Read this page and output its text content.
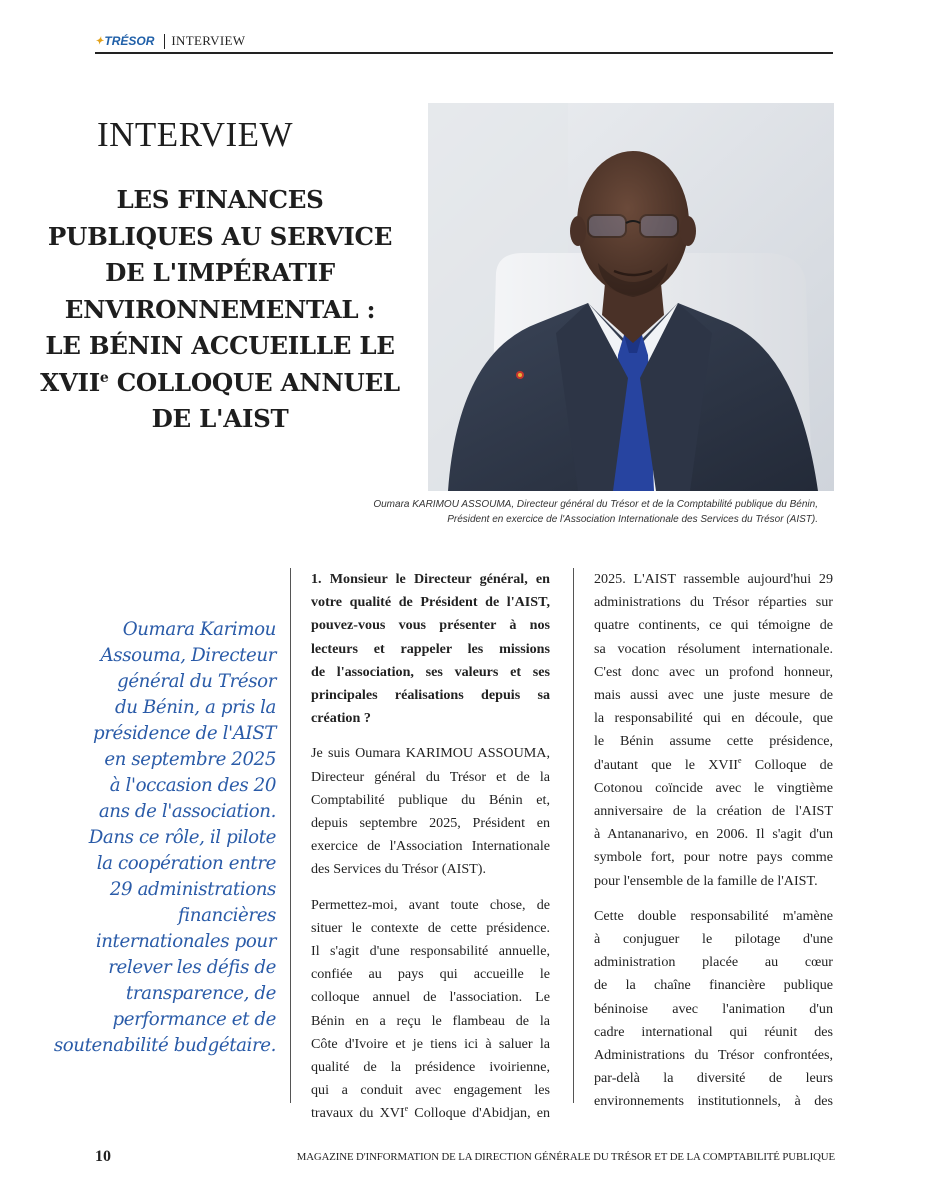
✦ TRÉSOR INTERVIEW
INTERVIEW
LES FINANCES
PUBLIQUES AU SERVICE
DE L'IMPÉRATIF
ENVIRONNEMENTAL :
LE BÉNIN ACCUEILLE LE
XVIIe COLLOQUE ANNUEL
DE L'AIST
Oumara KARIMOU ASSOUMA, Directeur général du Trésor et de la Comptabilité publique du Bénin,
Président en exercice de l'Association Internationale des Services du Trésor (AIST).
Oumara Karimou
Assouma, Directeur
général du Trésor
du Bénin, a pris la
présidence de l'AIST
en septembre 2025
à l'occasion des 20
ans de l'association.
Dans ce rôle, il pilote
la coopération entre
29 administrations
financières
internationales pour
relever les défis de
transparence, de
performance et de
soutenabilité budgétaire.

1. Monsieur le Directeur général, en
votre qualité de Président de l'AIST,
pouvez-vous vous présenter à nos
lecteurs et rappeler les missions
de l'association, ses valeurs et ses
principales réalisations depuis sa
création ?

Je suis Oumara KARIMOU ASSOUMA,
Directeur général du Trésor et de la
Comptabilité publique du Bénin et,
depuis septembre 2025, Président en
exercice de l'Association Internationale
des Services du Trésor (AIST).

Permettez-moi, avant toute chose, de
situer le contexte de cette présidence.
Il s'agit d'une responsabilité annuelle,
confiée au pays qui accueille le
colloque annuel de l'association. Le
Bénin en a reçu le flambeau de la
Côte d'Ivoire et je tiens ici à saluer la
qualité de la présidence ivoirienne,
qui a conduit avec engagement les
travaux du XVIe Colloque d'Abidjan, en

2025. L'AIST rassemble aujourd'hui 29
administrations du Trésor réparties sur
quatre continents, ce qui témoigne de
sa vocation résolument internationale.
C'est donc avec un profond honneur,
mais aussi avec une juste mesure de
la responsabilité qui en découle, que
le Bénin assume cette présidence,
d'autant que le XVIIe Colloque de
Cotonou coïncide avec le vingtième
anniversaire de la création de l'AIST
à Antananarivo, en 2006. Il s'agit d'un
symbole fort, pour notre pays comme
pour l'ensemble de la famille de l'AIST.

Cette double responsabilité m'amène
à conjuguer le pilotage d'une
administration placée au cœur
de la chaîne financière publique
béninoise avec l'animation d'un
cadre international qui réunit des
Administrations du Trésor confrontées,
par-delà la diversité de leurs
environnements institutionnels, à des

10	MAGAZINE D'INFORMATION DE LA DIRECTION GÉNÉRALE DU TRÉSOR ET DE LA COMPTABILITÉ PUBLIQUE
